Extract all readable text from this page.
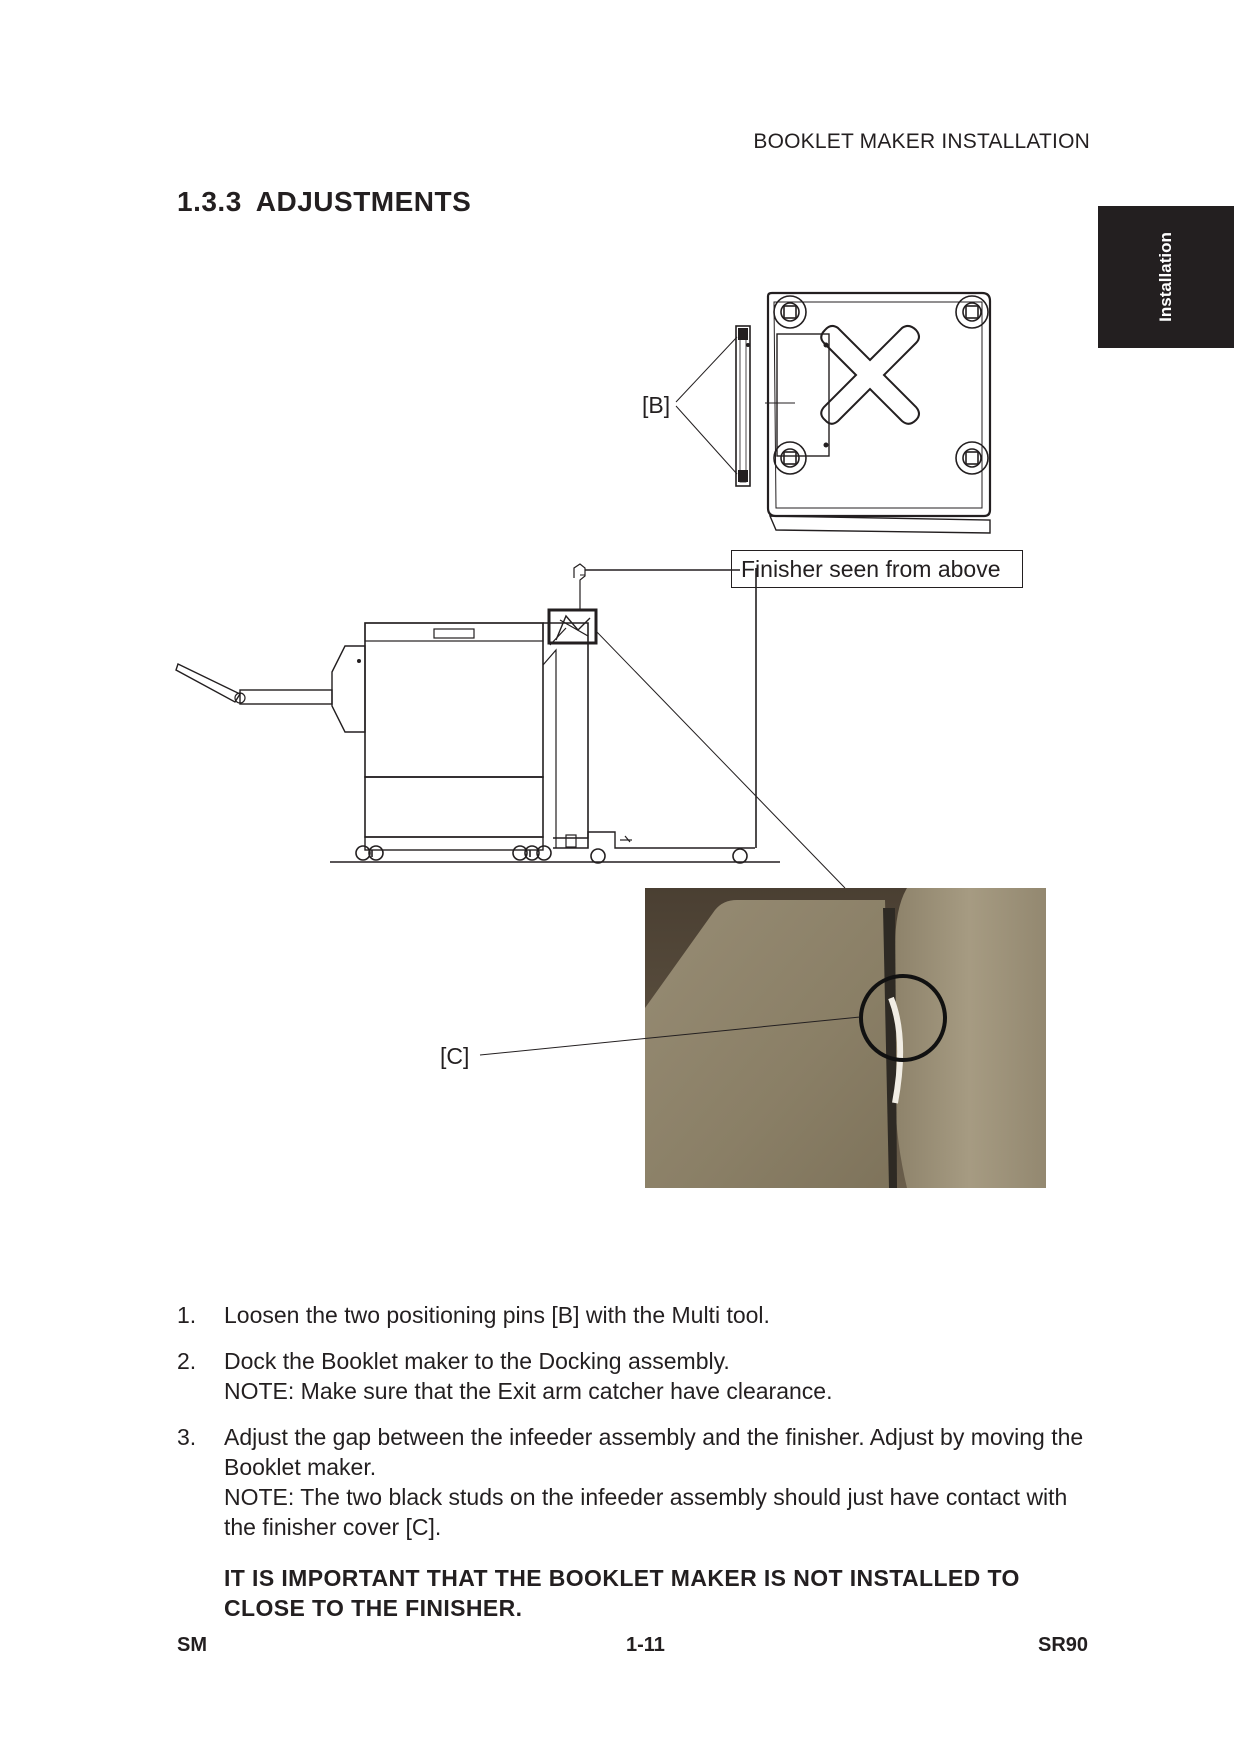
BOOKLET MAKER INSTALLATION
1.3.3 ADJUSTMENTS
Installation
[B]
Finisher seen from above
[C]
1.	Loosen the two positioning pins [B] with the Multi tool.
2.	Dock the Booklet maker to the Docking assembly.
NOTE: Make sure that the Exit arm catcher have clearance.
3.	Adjust the gap between the infeeder assembly and the finisher. Adjust by moving the Booklet maker.
NOTE: The two black studs on the infeeder assembly should just have contact with the finisher cover [C].
IT IS IMPORTANT THAT THE BOOKLET MAKER IS NOT INSTALLED TO CLOSE TO THE FINISHER.
SM	1-11	SR90
